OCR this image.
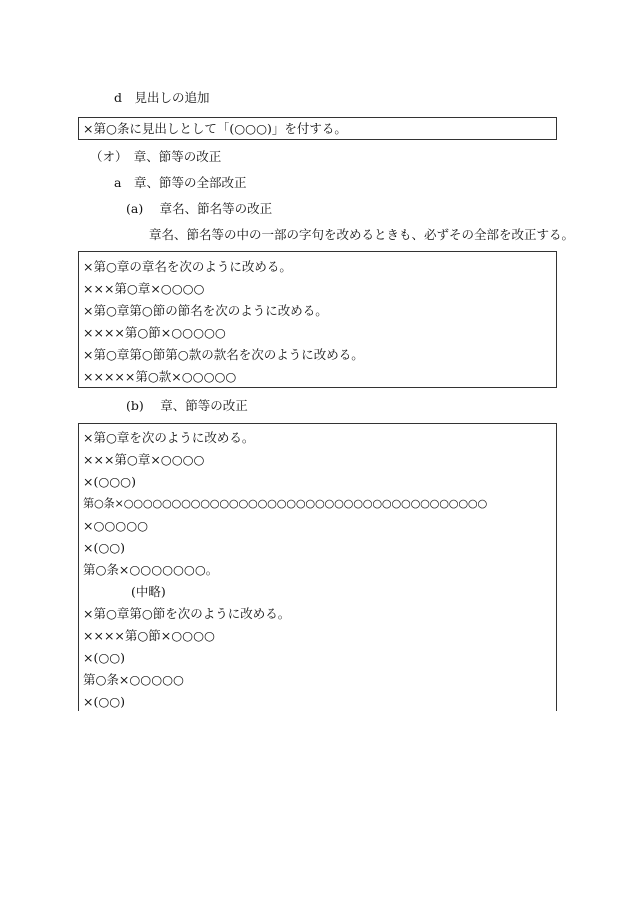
d　見出しの追加
×第○条に見出しとして「(○○○)」を付する。
（オ）　章、節等の改正
a　章、節等の全部改正
(a)　 章名、節名等の改正
章名、節名等の中の一部の字句を改めるときも、必ずその全部を改正する。
×第○章の章名を次のように改める。
×××第○章×○○○○
×第○章第○節の節名を次のように改める。
××××第○節×○○○○○
×第○章第○節第○款の款名を次のように改める。
×××××第○款×○○○○○
(b)　 章、節等の改正
×第○章を次のように改める。
×××第○章×○○○○
×(○○○)
第○条×○○○○○○○○○○○○○○○○○○○○○○○○○○○○○○○○○○○○○○
×○○○○○
×(○○)
第○条×○○○○○○○。
(中略)
×第○章第○節を次のように改める。
××××第○節×○○○○
×(○○)
第○条×○○○○○
×(○○)
